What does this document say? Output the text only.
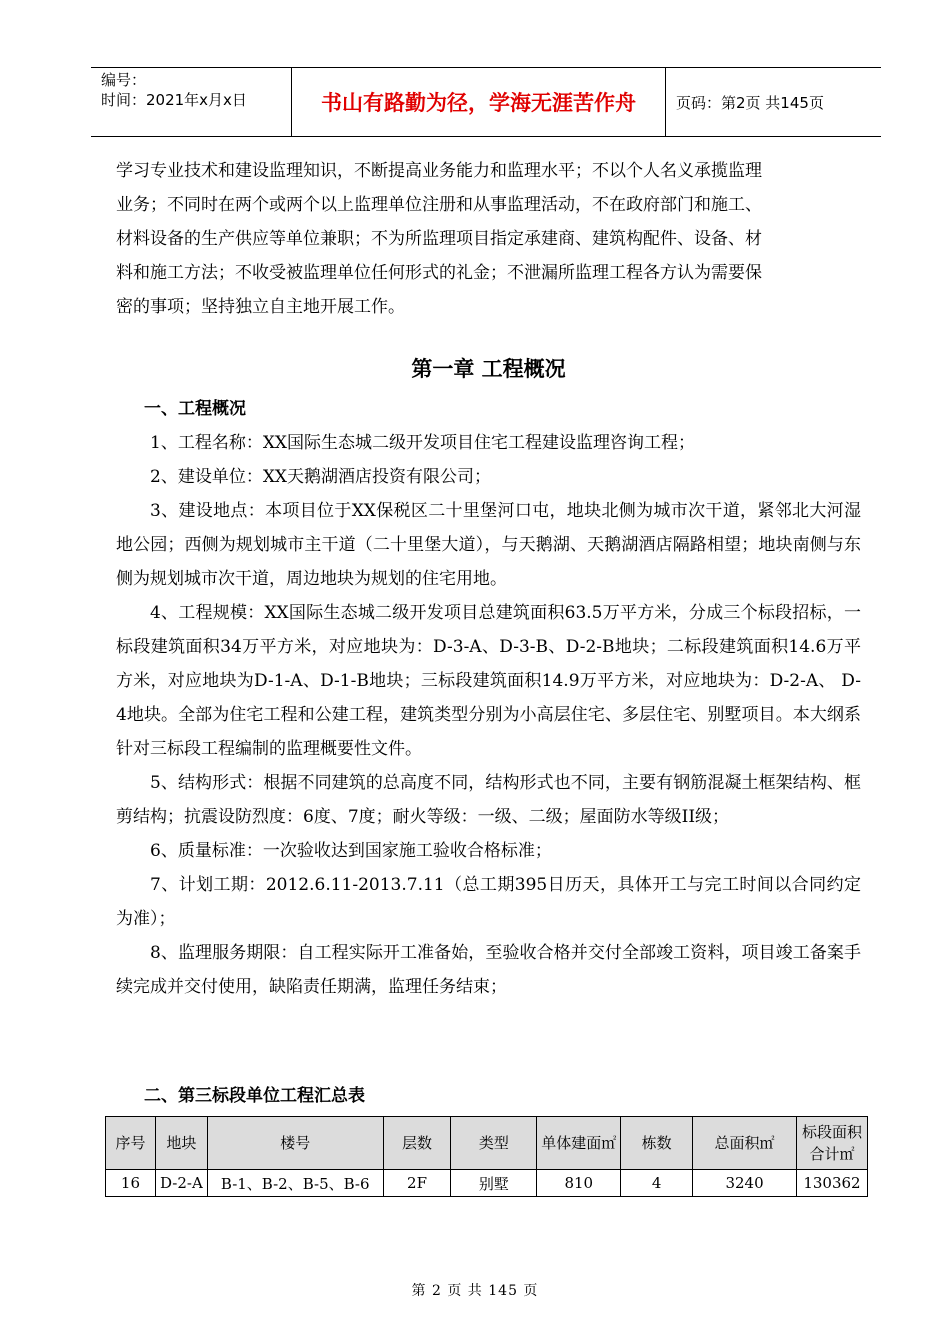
编号：
时间：2021年x月x日	书山有路勤为径，学海无涯苦作舟	页码：第2页 共145页

学习专业技术和建设监理知识，不断提高业务能力和监理水平；不以个人名义承揽监理

业务；不同时在两个或两个以上监理单位注册和从事监理活动，不在政府部门和施工、

材料设备的生产供应等单位兼职；不为所监理项目指定承建商、建筑构配件、设备、材

料和施工方法；不收受被监理单位任何形式的礼金；不泄漏所监理工程各方认为需要保

密的事项；坚持独立自主地开展工作。

第一章 工程概况
一、工程概况

1、工程名称：XX国际生态城二级开发项目住宅工程建设监理咨询工程；

2、建设单位：XX天鹅湖酒店投资有限公司；

3、建设地点：本项目位于XX保税区二十里堡河口屯，地块北侧为城市次干道，紧邻北大河湿地公园；西侧为规划城市主干道（二十里堡大道），与天鹅湖、天鹅湖酒店隔路相望；地块南侧与东侧为规划城市次干道，周边地块为规划的住宅用地。

4、工程规模：XX国际生态城二级开发项目总建筑面积63.5万平方米，分成三个标段招标，一标段建筑面积34万平方米，对应地块为：D-3-A、D-3-B、D-2-B地块；二标段建筑面积14.6万平方米，对应地块为D-1-A、D-1-B地块；三标段建筑面积14.9万平方米，对应地块为：D-2-A、 D-4地块。全部为住宅工程和公建工程，建筑类型分别为小高层住宅、多层住宅、别墅项目。本大纲系针对三标段工程编制的监理概要性文件。

5、结构形式：根据不同建筑的总高度不同，结构形式也不同，主要有钢筋混凝土框架结构、框剪结构；抗震设防烈度：6度、7度；耐火等级：一级、二级；屋面防水等级II级；

6、质量标准：一次验收达到国家施工验收合格标准；

7、计划工期：2012.6.11-2013.7.11（总工期395日历天，具体开工与完工时间以合同约定为准）；

8、监理服务期限：自工程实际开工准备始，至验收合格并交付全部竣工资料，项目竣工备案手续完成并交付使用，缺陷责任期满，监理任务结束；

二、第三标段单位工程汇总表
序号	地块	楼号	层数	类型	单体建面㎡	栋数	总面积㎡	标段面积合计㎡
16	D-2-A	B-1、B-2、B-5、B-6	2F	别墅	810	4	3240	130362
第 2 页 共 145 页
